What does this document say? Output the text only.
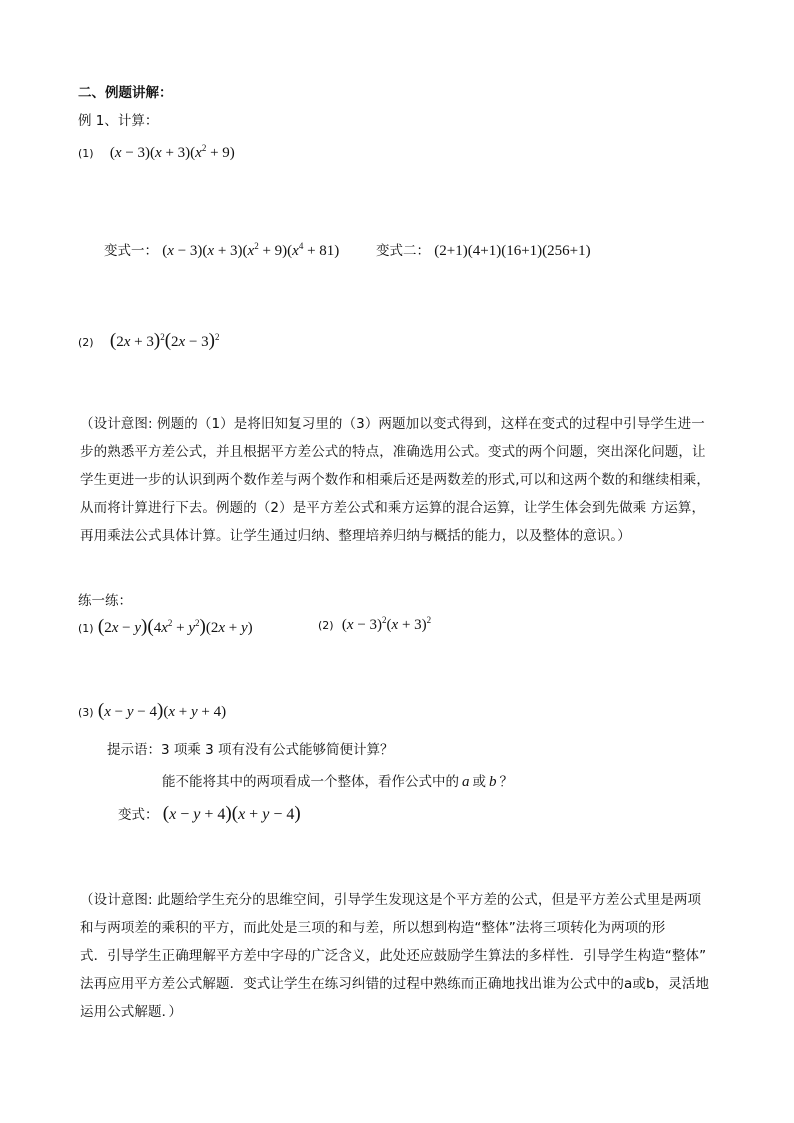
二、例题讲解：
例 1、计算：
(1) $(x - 3)(x + 3)(x^2 + 9)$
变式一： $(x - 3)(x + 3)(x^2 + 9)(x^4 + 81)$	变式二： (2+1)(4+1)(16+1)(256+1)
(2) $(2x + 3)^2(2x - 3)^2$
（设计意图: 例题的（1）是将旧知复习里的（3）两题加以变式得到，这样在变式的过程中引导学生进一
步的熟悉平方差公式，并且根据平方差公式的特点，准确选用公式。变式的两个问题，突出深化问题，让
学生更进一步的认识到两个数作差与两个数作和相乘后还是两数差的形式,可以和这两个数的和继续相乘，
从而将计算进行下去。例题的（2）是平方差公式和乘方运算的混合运算，让学生体会到先做乘 方运算，
再用乘法公式具体计算。让学生通过归纳、整理培养归纳与概括的能力，以及整体的意识。）
练一练：
(1) $(2x - y)(4x^2 + y^2)(2x + y)$	(2) $(x - 3)^2(x + 3)^2$
(3) (x − y − 4)(x + y + 4)
提示语：3 项乘 3 项有没有公式能够简便计算？
能不能将其中的两项看成一个整体，看作公式中的 a 或 b ？
变式： (x − y + 4)(x + y − 4)
（设计意图: 此题给学生充分的思维空间，引导学生发现这是个平方差的公式，但是平方差公式里是两项
和与两项差的乘积的平方，而此处是三项的和与差，所以想到构造“整体”法将三项转化为两项的形
式．引导学生正确理解平方差中字母的广泛含义，此处还应鼓励学生算法的多样性．引导学生构造“整体”
法再应用平方差公式解题．变式让学生在练习纠错的过程中熟练而正确地找出谁为公式中的a或b，灵活地
运用公式解题．）
